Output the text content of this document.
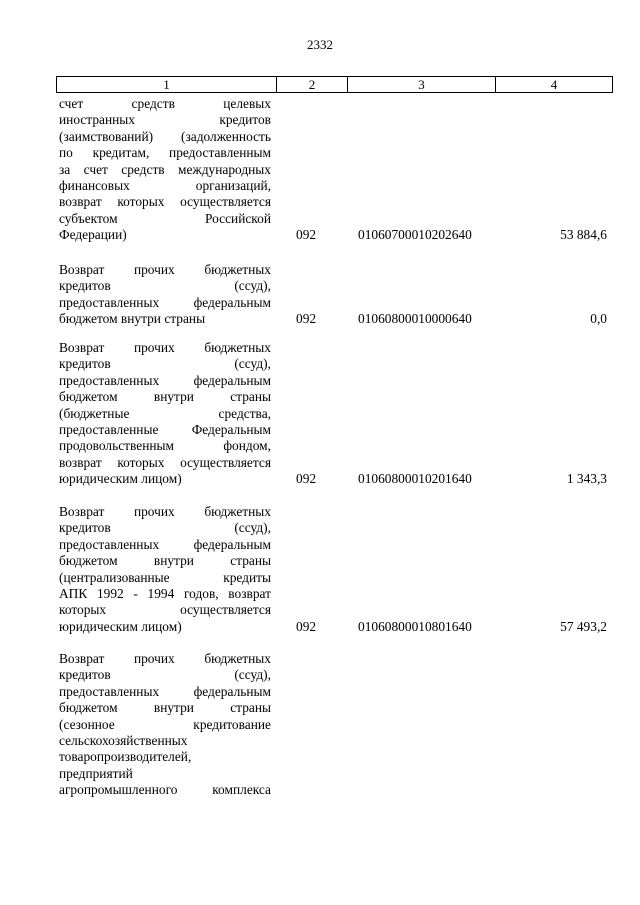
2332
1	2	3	4
счет средств целевых
иностранных кредитов
(заимствований) (задолженность
по кредитам, предоставленным
за счет средств международных
финансовых организаций,
возврат которых осуществляется
субъектом Российской
Федерации)	092	01060700010202640	53 884,6
Возврат прочих бюджетных
кредитов (ссуд),
предоставленных федеральным
бюджетом внутри страны	092	01060800010000640	0,0
Возврат прочих бюджетных
кредитов (ссуд),
предоставленных федеральным
бюджетом внутри страны
(бюджетные средства,
предоставленные Федеральным
продовольственным фондом,
возврат которых осуществляется
юридическим лицом)	092	01060800010201640	1 343,3
Возврат прочих бюджетных
кредитов (ссуд),
предоставленных федеральным
бюджетом внутри страны
(централизованные кредиты
АПК 1992 - 1994 годов, возврат
которых осуществляется
юридическим лицом)	092	01060800010801640	57 493,2
Возврат прочих бюджетных
кредитов (ссуд),
предоставленных федеральным
бюджетом внутри страны
(сезонное кредитование
сельскохозяйственных
товаропроизводителей,
предприятий
агропромышленного комплекса
